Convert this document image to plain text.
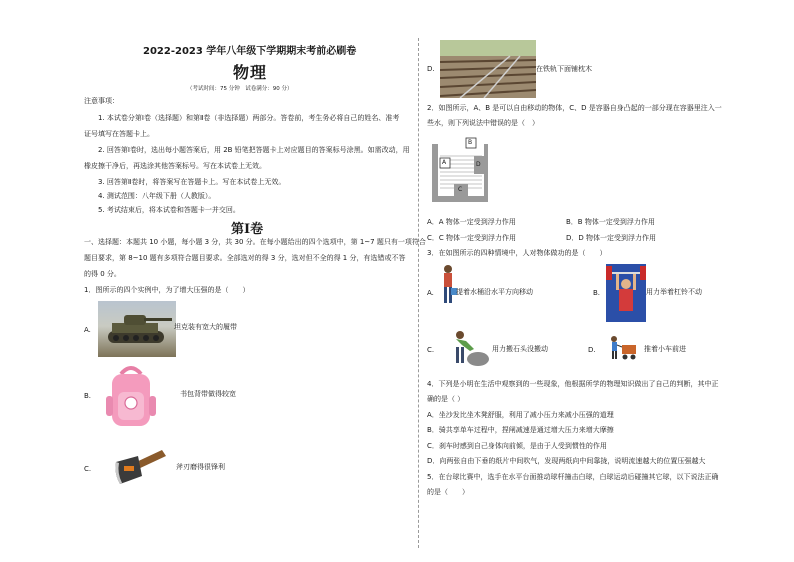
2022-2023 学年八年级下学期期末考前必刷卷
物理
（考试时间：75 分钟　试卷满分：90 分）
注意事项：
1. 本试卷分第Ⅰ卷（选择题）和第Ⅱ卷（非选择题）两部分。答卷前，考生务必将自己的姓名、准考
证号填写在答题卡上。
2. 回答第Ⅰ卷时，选出每小题答案后，用 2B 铅笔把答题卡上对应题目的答案标号涂黑。如需改动，用
橡皮擦干净后，再选涂其他答案标号。写在本试卷上无效。
3. 回答第Ⅱ卷时，将答案写在答题卡上。写在本试卷上无效。
4. 测试范围：八年级下册（人教版）。
5. 考试结束后，将本试卷和答题卡一并交回。
第Ⅰ卷
一、选择题：本题共 10 小题，每小题 3 分，共 30 分。在每小题给出的四个选项中，第 1~7 题只有一项符合
题目要求，第 8~10 题有多项符合题目要求。全部选对的得 3 分，选对但不全的得 1 分，有选错或不答
的得 0 分。
1．图所示的四个实例中，为了增大压强的是（　　）
A.	坦克装有宽大的履带
B.	书包背带做得较宽
C.	斧刃磨得很锋利
D.	在铁轨下面铺枕木
2．如图所示，A、B 是可以自由移动的物体，C、D 是容器自身凸起的一部分现在容器里注入一
些水，则下列说法中错误的是（　）
A
B
C
D
A．A 物体一定受到浮力作用	B．B 物体一定受到浮力作用
C．C 物体一定受到浮力作用	D．D 物体一定受到浮力作用
3．在如图所示的四种情境中，人对物体做功的是（　　）
A.	提着水桶沿水平方向移动	B.	用力举着杠铃不动
C.	用力搬石头没搬动	D.	推着小车前进
4．下列是小明在生活中观察到的一些现象，他根据所学的物理知识做出了自己的判断，其中正
确的是（ ）
A．坐沙发比坐木凳舒服，利用了减小压力来减小压强的道理
B．骑共享单车过程中，捏闸减速是通过增大压力来增大摩擦
C．刹车时感到自己身体向前倾，是由于人受到惯性的作用
D．向两张自由下垂的纸片中间吹气，发现两纸向中间靠拢，说明流速越大的位置压强越大
5．在台球比赛中，选手在水平台面推动球杆撞击白球，白球运动后碰撞其它球，以下说法正确
的是（　　）
